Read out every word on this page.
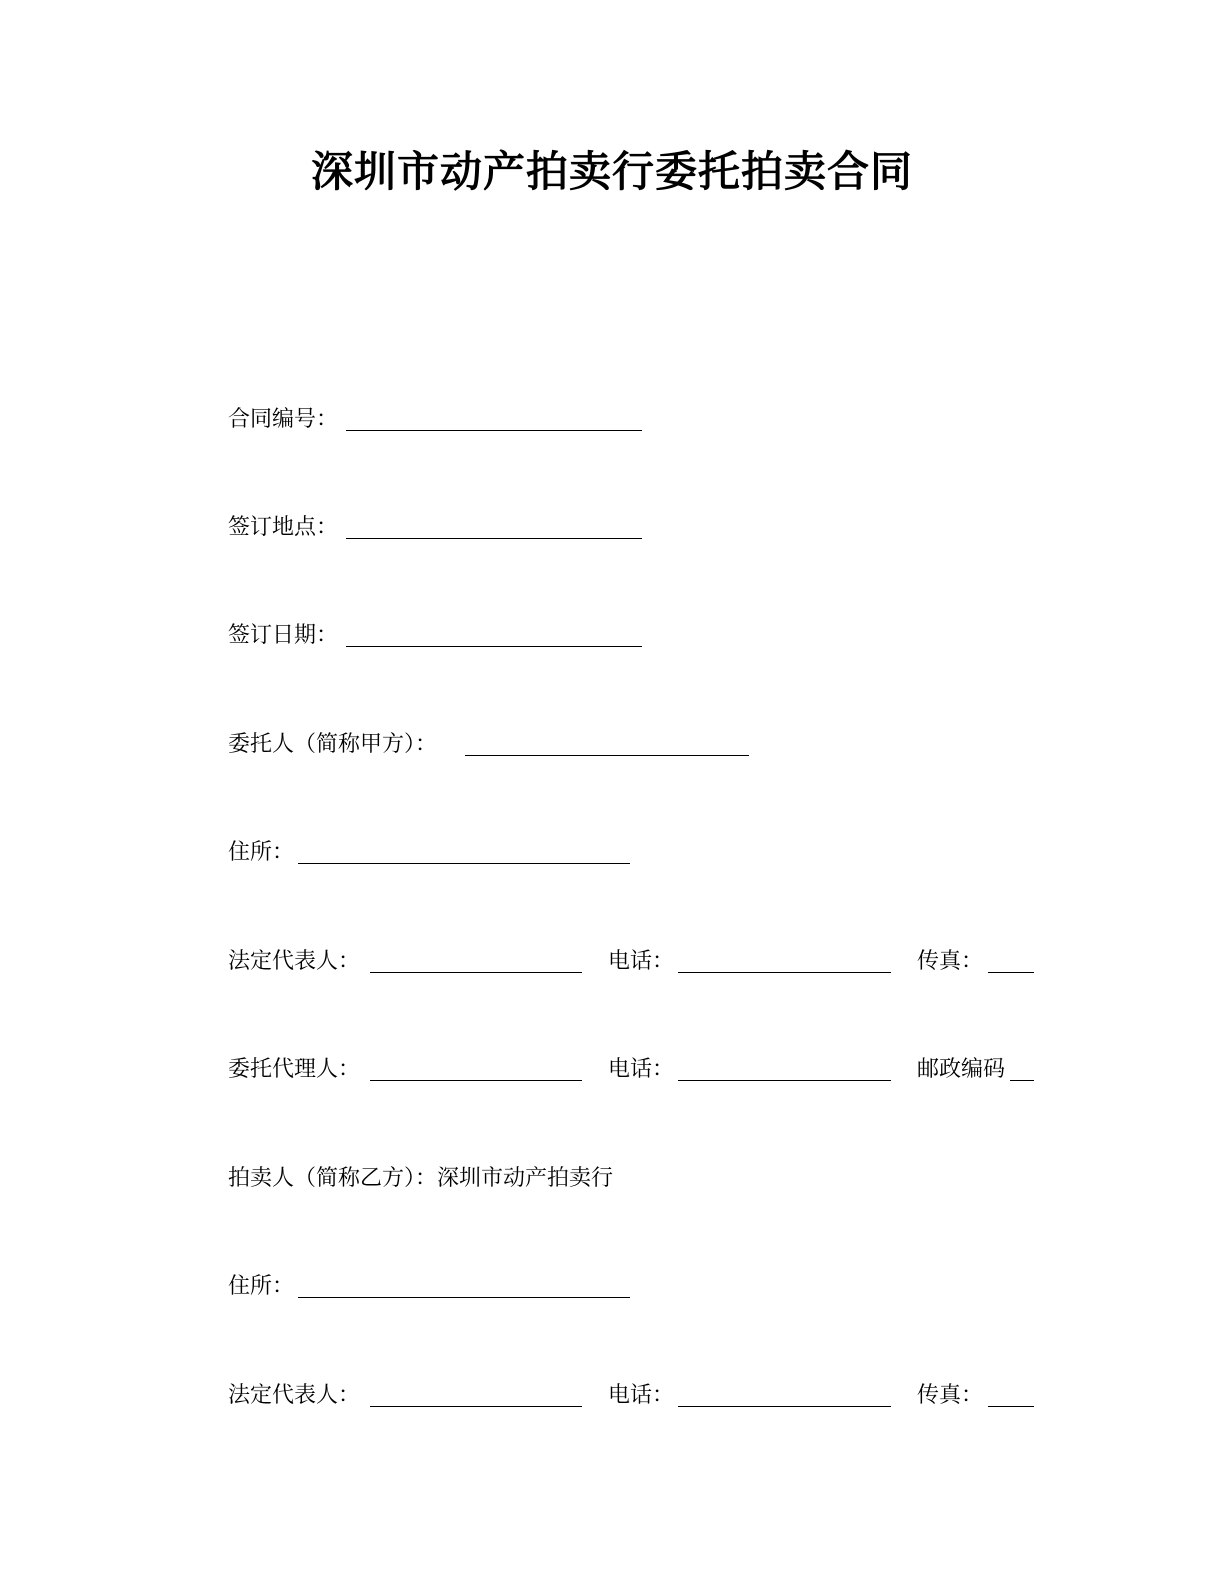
深圳市动产拍卖行委托拍卖合同
合同编号：
签订地点：
签订日期：
委托人（简称甲方）：
住所：
法定代表人：	电话：	传真：
委托代理人：	电话：	邮政编码
拍卖人（简称乙方）：深圳市动产拍卖行
住所：
法定代表人：	电话：	传真：
